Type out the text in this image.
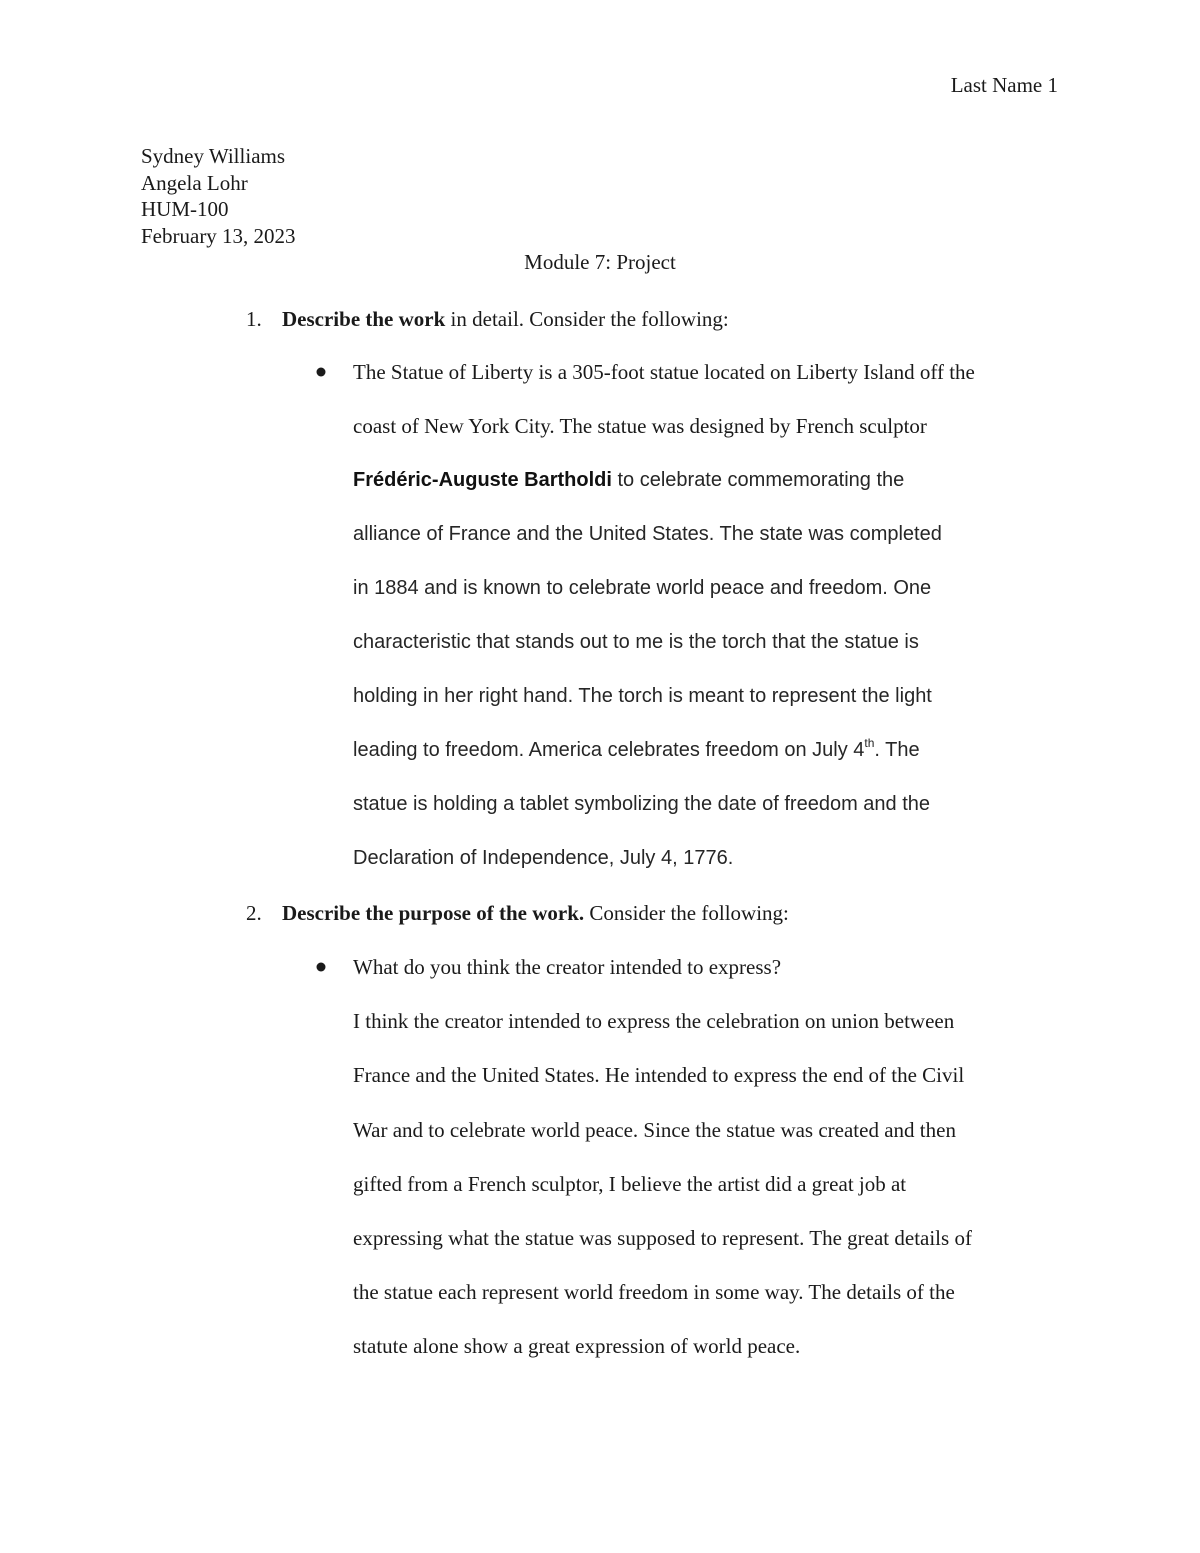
Last Name 1
Sydney Williams
Angela Lohr
HUM-100
February 13, 2023
Module 7: Project
1. Describe the work in detail. Consider the following:
The Statue of Liberty is a 305-foot statue located on Liberty Island off the
coast of New York City. The statue was designed by French sculptor
Frédéric-Auguste Bartholdi to celebrate commemorating the
alliance of France and the United States. The state was completed
in 1884 and is known to celebrate world peace and freedom. One
characteristic that stands out to me is the torch that the statue is
holding in her right hand. The torch is meant to represent the light
leading to freedom. America celebrates freedom on July 4th. The
statue is holding a tablet symbolizing the date of freedom and the
Declaration of Independence, July 4, 1776.
2. Describe the purpose of the work. Consider the following:
What do you think the creator intended to express?
I think the creator intended to express the celebration on union between
France and the United States. He intended to express the end of the Civil
War and to celebrate world peace. Since the statue was created and then
gifted from a French sculptor, I believe the artist did a great job at
expressing what the statue was supposed to represent. The great details of
the statue each represent world freedom in some way. The details of the
statute alone show a great expression of world peace.
